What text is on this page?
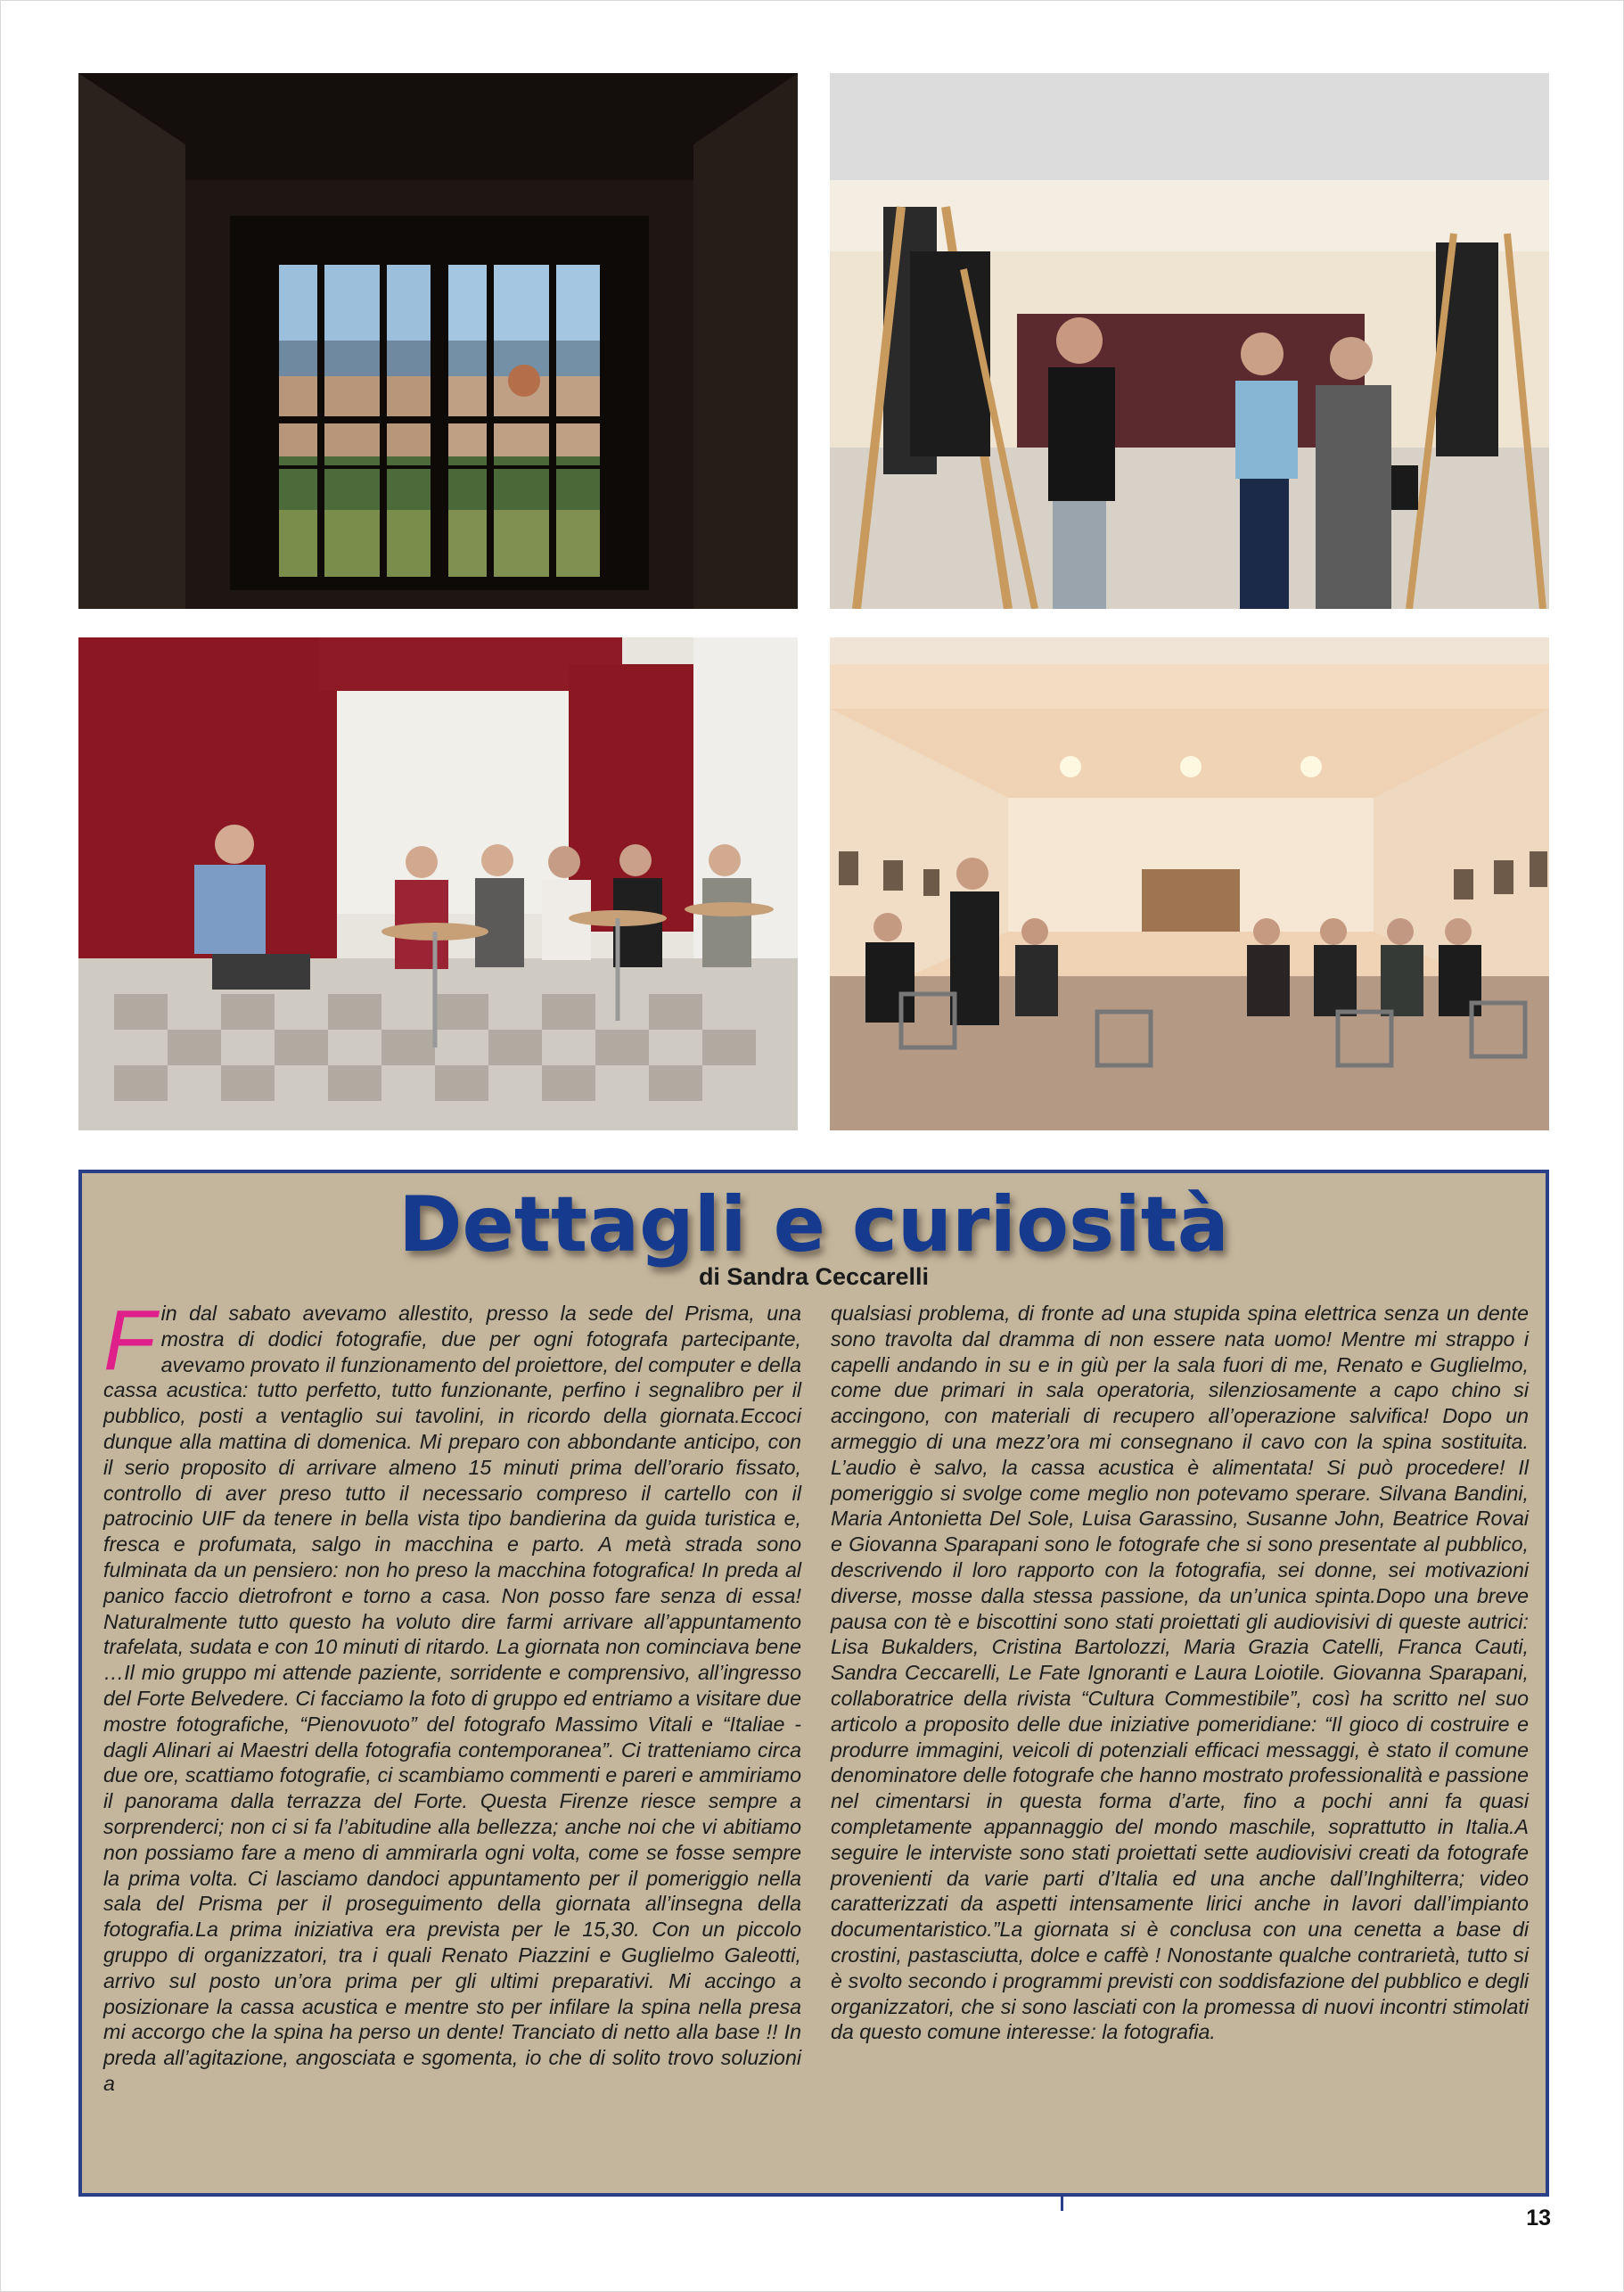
Dettagli e curiosità

di Sandra Ceccarelli

Fin dal sabato avevamo allestito, presso la sede del Prisma, una mostra di dodici fotografie, due per ogni fotografa partecipante, avevamo provato il funzionamento del proiettore, del computer e della cassa acustica: tutto perfetto, tutto funzionante, perfino i segnalibro per il pubblico, posti a ventaglio sui tavolini, in ricordo della giornata.Eccoci dunque alla mattina di domenica. Mi preparo con abbondante anticipo, con il serio proposito di arrivare almeno 15 minuti prima dell’orario fissato, controllo di aver preso tutto il necessario compreso il cartello con il patrocinio UIF da tenere in bella vista tipo bandierina da guida turistica e, fresca e profumata, salgo in macchina e parto. A metà strada sono fulminata da un pensiero: non ho preso la macchina fotografica! In preda al panico faccio dietrofront e torno a casa. Non posso fare senza di essa! Naturalmente tutto questo ha voluto dire farmi arrivare all’appuntamento trafelata, sudata e con 10 minuti di ritardo. La giornata non cominciava bene …Il mio gruppo mi attende paziente, sorridente e comprensivo, all’ingresso del Forte Belvedere. Ci facciamo la foto di gruppo ed entriamo a visitare due mostre fotografiche, “Pienovuoto” del fotografo Massimo Vitali e “Italiae - dagli Alinari ai Maestri della fotografia contemporanea”. Ci tratteniamo circa due ore, scattiamo fotografie, ci scambiamo commenti e pareri e ammiriamo il panorama dalla terrazza del Forte. Questa Firenze riesce sempre a sorprenderci; non ci si fa l’abitudine alla bellezza; anche noi che vi abitiamo non possiamo fare a meno di ammirarla ogni volta, come se fosse sempre la prima volta. Ci lasciamo dandoci appuntamento per il pomeriggio nella sala del Prisma per il proseguimento della giornata all’insegna della fotografia.La prima iniziativa era prevista per le 15,30. Con un piccolo gruppo di organizzatori, tra i quali Renato Piazzini e Guglielmo Galeotti, arrivo sul posto un’ora prima per gli ultimi preparativi. Mi accingo a posizionare la cassa acustica e mentre sto per infilare la spina nella presa mi accorgo che la spina ha perso un dente! Tranciato di netto alla base !! In preda all’agitazione, angosciata e sgomenta, io che di solito trovo soluzioni a

qualsiasi problema, di fronte ad una stupida spina elettrica senza un dente sono travolta dal dramma di non essere nata uomo! Mentre mi strappo i capelli andando in su e in giù per la sala fuori di me, Renato e Guglielmo, come due primari in sala operatoria, silenziosamente a capo chino si accingono, con materiali di recupero all’operazione salvifica! Dopo un armeggio di una mezz’ora mi consegnano il cavo con la spina sostituita. L’audio è salvo, la cassa acustica è alimentata! Si può procedere! Il pomeriggio si svolge come meglio non potevamo sperare. Silvana Bandini, Maria Antonietta Del Sole, Luisa Garassino, Susanne John, Beatrice Rovai e Giovanna Sparapani sono le fotografe che si sono presentate al pubblico, descrivendo il loro rapporto con la fotografia, sei donne, sei motivazioni diverse, mosse dalla stessa passione, da un’unica spinta.Dopo una breve pausa con tè e biscottini sono stati proiettati gli audiovisivi di queste autrici: Lisa Bukalders, Cristina Bartolozzi, Maria Grazia Catelli, Franca Cauti, Sandra Ceccarelli, Le Fate Ignoranti e Laura Loiotile. Giovanna Sparapani, collaboratrice della rivista “Cultura Commestibile”, così ha scritto nel suo articolo a proposito delle due iniziative pomeridiane: “Il gioco di costruire e produrre immagini, veicoli di potenziali efficaci messaggi, è stato il comune denominatore delle fotografe che hanno mostrato professionalità e passione nel cimentarsi in questa forma d’arte, fino a pochi anni fa quasi completamente appannaggio del mondo maschile, soprattutto in Italia.A seguire le interviste sono stati proiettati sette audiovisivi creati da fotografe provenienti da varie parti d’Italia ed una anche dall’Inghilterra; video caratterizzati da aspetti intensamente lirici anche in lavori dall’impianto documentaristico.”La giornata si è conclusa con una cenetta a base di crostini, pastasciutta, dolce e caffè ! Nonostante qualche contrarietà, tutto si è svolto secondo i programmi previsti con soddisfazione del pubblico e degli organizzatori, che si sono lasciati con la promessa di nuovi incontri stimolati da questo comune interesse: la fotografia.

13
